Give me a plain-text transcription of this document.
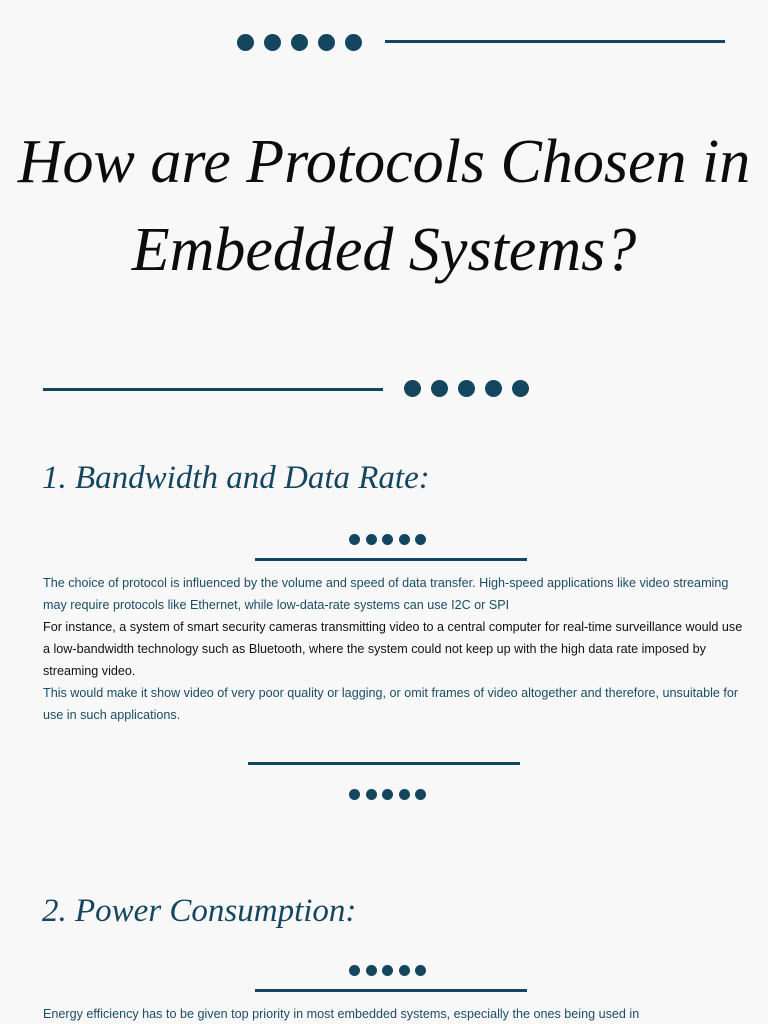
How are Protocols Chosen in
Embedded Systems?
1. Bandwidth and Data Rate:

The choice of protocol is influenced by the volume and speed of data transfer. High-speed applications like video streaming may require protocols like Ethernet, while low-data-rate systems can use I2C or SPI

For instance, a system of smart security cameras transmitting video to a central computer for real-time surveillance would use a low-bandwidth technology such as Bluetooth, where the system could not keep up with the high data rate imposed by streaming video.

This would make it show video of very poor quality or lagging, or omit frames of video altogether and therefore, unsuitable for use in such applications.

2. Power Consumption:

Energy efficiency has to be given top priority in most embedded systems, especially the ones being used in
